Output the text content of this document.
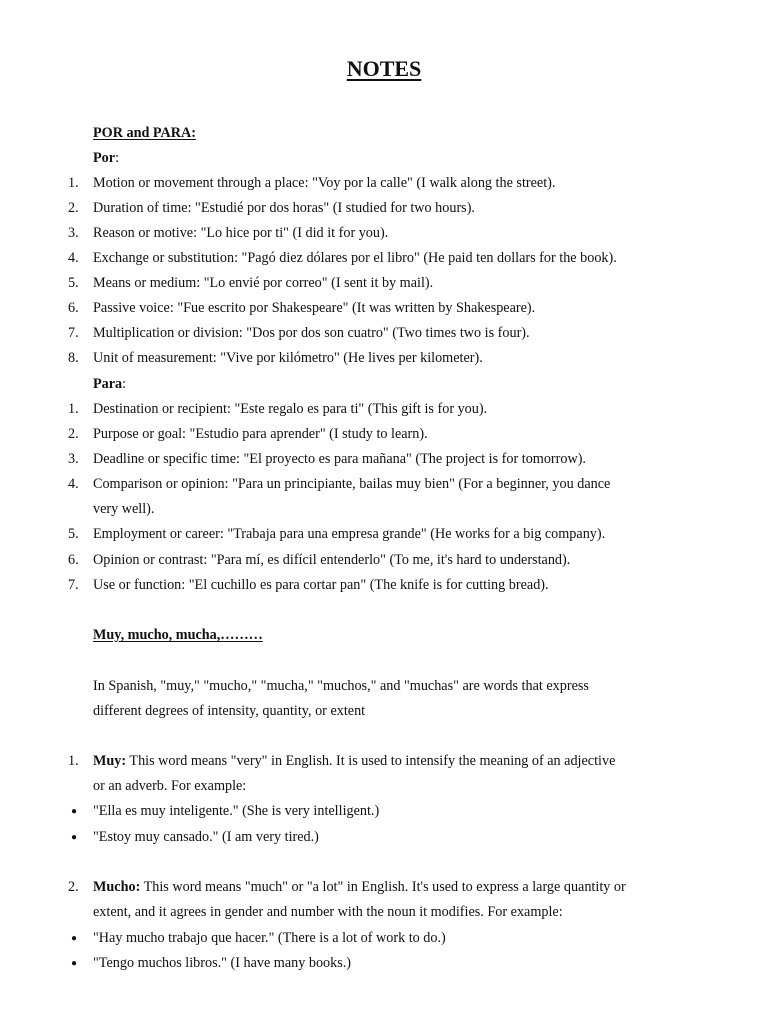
NOTES
POR and PARA:
Por:
1.	Motion or movement through a place: "Voy por la calle" (I walk along the street).
2.	Duration of time: "Estudié por dos horas" (I studied for two hours).
3.	Reason or motive: "Lo hice por ti" (I did it for you).
4.	Exchange or substitution: "Pagó diez dólares por el libro" (He paid ten dollars for the book).
5.	Means or medium: "Lo envié por correo" (I sent it by mail).
6.	Passive voice: "Fue escrito por Shakespeare" (It was written by Shakespeare).
7.	Multiplication or division: "Dos por dos son cuatro" (Two times two is four).
8.	Unit of measurement: "Vive por kilómetro" (He lives per kilometer).
Para:
1.	Destination or recipient: "Este regalo es para ti" (This gift is for you).
2.	Purpose or goal: "Estudio para aprender" (I study to learn).
3.	Deadline or specific time: "El proyecto es para mañana" (The project is for tomorrow).
4.	Comparison or opinion: "Para un principiante, bailas muy bien" (For a beginner, you dance
very well).
5.	Employment or career: "Trabaja para una empresa grande" (He works for a big company).
6.	Opinion or contrast: "Para mí, es difícil entenderlo" (To me, it's hard to understand).
7.	Use or function: "El cuchillo es para cortar pan" (The knife is for cutting bread).
Muy, mucho, mucha,………
In Spanish, "muy," "mucho," "mucha," "muchos," and "muchas" are words that express
different degrees of intensity, quantity, or extent
1.	Muy: This word means "very" in English. It is used to intensify the meaning of an adjective
or an adverb. For example:
● "Ella es muy inteligente." (She is very intelligent.)
● "Estoy muy cansado." (I am very tired.)
2.	Mucho: This word means "much" or "a lot" in English. It's used to express a large quantity or
extent, and it agrees in gender and number with the noun it modifies. For example:
● "Hay mucho trabajo que hacer." (There is a lot of work to do.)
● "Tengo muchos libros." (I have many books.)
